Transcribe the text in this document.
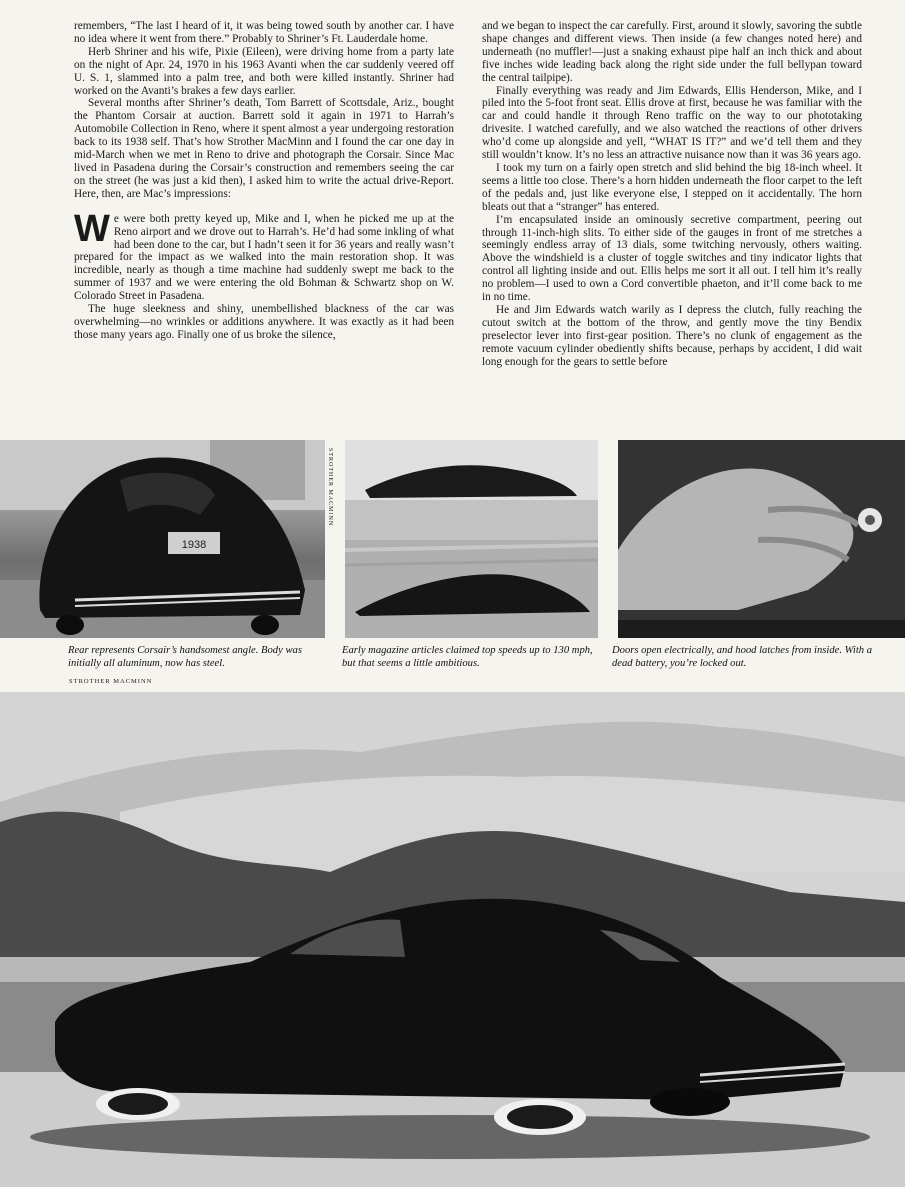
remembers, “The last I heard of it, it was being towed south by another car. I have no idea where it went from there.” Probably to Shriner’s Ft. Lauderdale home.

Herb Shriner and his wife, Pixie (Eileen), were driving home from a party late on the night of Apr. 24, 1970 in his 1963 Avanti when the car suddenly veered off U. S. 1, slammed into a palm tree, and both were killed instantly. Shriner had worked on the Avanti’s brakes a few days earlier.

Several months after Shriner’s death, Tom Barrett of Scottsdale, Ariz., bought the Phantom Corsair at auction. Barrett sold it again in 1971 to Harrah’s Automobile Collection in Reno, where it spent almost a year undergoing restoration back to its 1938 self. That’s how Strother MacMinn and I found the car one day in mid-March when we met in Reno to drive and photograph the Corsair. Since Mac lived in Pasadena during the Corsair’s construction and remembers seeing the car on the street (he was just a kid then), I asked him to write the actual drive-Report. Here, then, are Mac’s impressions:

We were both pretty keyed up, Mike and I, when he picked me up at the Reno airport and we drove out to Harrah’s. He’d had some inkling of what had been done to the car, but I hadn’t seen it for 36 years and really wasn’t prepared for the impact as we walked into the main restoration shop. It was incredible, nearly as though a time machine had suddenly swept me back to the summer of 1937 and we were entering the old Bohman & Schwartz shop on W. Colorado Street in Pasadena.

The huge sleekness and shiny, unembellished blackness of the car was overwhelming—no wrinkles or additions anywhere. It was exactly as it had been those many years ago. Finally one of us broke the silence,

and we began to inspect the car carefully. First, around it slowly, savoring the subtle shape changes and different views. Then inside (a few changes noted here) and underneath (no muffler!—just a snaking exhaust pipe half an inch thick and about five inches wide leading back along the right side under the full bellypan toward the central tailpipe).

Finally everything was ready and Jim Edwards, Ellis Henderson, Mike, and I piled into the 5-foot front seat. Ellis drove at first, because he was familiar with the car and could handle it through Reno traffic on the way to our phototaking drivesite. I watched carefully, and we also watched the reactions of other drivers who’d come up alongside and yell, “WHAT IS IT?” and we’d tell them and they still wouldn’t know. It’s no less an attractive nuisance now than it was 36 years ago.

I took my turn on a fairly open stretch and slid behind the big 18-inch wheel. It seems a little too close. There’s a horn hidden underneath the floor carpet to the left of the pedals and, just like everyone else, I stepped on it accidentally. The horn bleats out that a “stranger” has entered.

I’m encapsulated inside an ominously secretive compartment, peering out through 11-inch-high slits. To either side of the gauges in front of me stretches a seemingly endless array of 13 dials, some twitching nervously, others waiting. Above the windshield is a cluster of toggle switches and tiny indicator lights that control all lighting inside and out. Ellis helps me sort it all out. I tell him it’s really no problem—I used to own a Cord convertible phaeton, and it’ll come back to me in no time.

He and Jim Edwards watch warily as I depress the clutch, fully reaching the cutout switch at the bottom of the throw, and gently move the tiny Bendix preselector lever into first-gear position. There’s no clunk of engagement as the remote vacuum cylinder obediently shifts because, perhaps by accident, I did wait long enough for the gears to settle before

1938
STROTHER MACMINN
Rear represents Corsair’s handsomest angle. Body was initially all aluminum, now has steel.
Early magazine articles claimed top speeds up to 130 mph, but that seems a little ambitious.
Doors open electrically, and hood latches from inside. With a dead battery, you’re locked out.
STROTHER MACMINN
